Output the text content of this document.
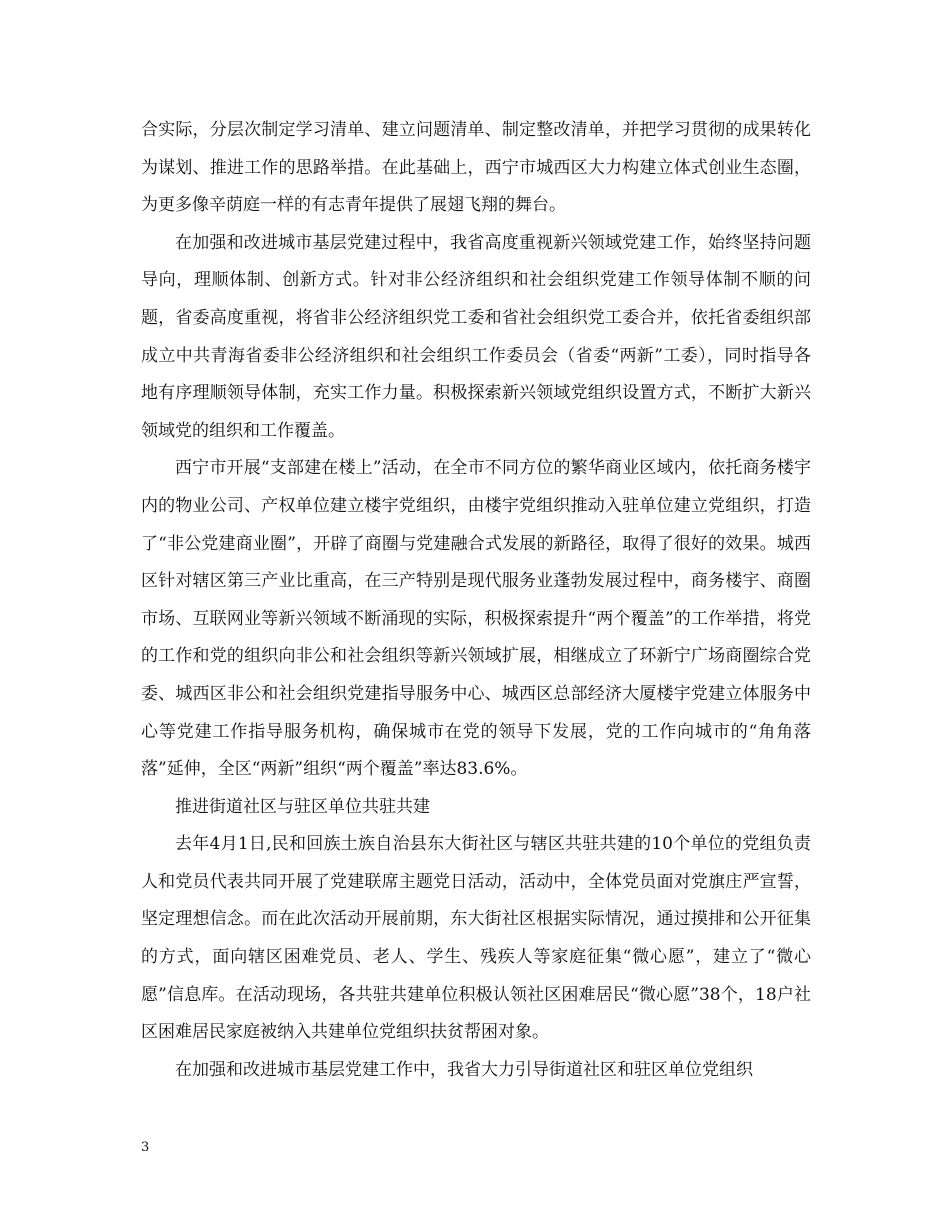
合实际，分层次制定学习清单、建立问题清单、制定整改清单，并把学习贯彻的成果转化为谋划、推进工作的思路举措。在此基础上，西宁市城西区大力构建立体式创业生态圈，为更多像辛荫庭一样的有志青年提供了展翅飞翔的舞台。

在加强和改进城市基层党建过程中，我省高度重视新兴领域党建工作，始终坚持问题导向，理顺体制、创新方式。针对非公经济组织和社会组织党建工作领导体制不顺的问题，省委高度重视，将省非公经济组织党工委和省社会组织党工委合并，依托省委组织部成立中共青海省委非公经济组织和社会组织工作委员会（省委“两新”工委），同时指导各地有序理顺领导体制，充实工作力量。积极探索新兴领域党组织设置方式，不断扩大新兴领域党的组织和工作覆盖。

西宁市开展“支部建在楼上”活动，在全市不同方位的繁华商业区域内，依托商务楼宇内的物业公司、产权单位建立楼宇党组织，由楼宇党组织推动入驻单位建立党组织，打造了“非公党建商业圈”，开辟了商圈与党建融合式发展的新路径，取得了很好的效果。城西区针对辖区第三产业比重高，在三产特别是现代服务业蓬勃发展过程中，商务楼宇、商圈市场、互联网业等新兴领域不断涌现的实际，积极探索提升“两个覆盖”的工作举措，将党的工作和党的组织向非公和社会组织等新兴领域扩展，相继成立了环新宁广场商圈综合党委、城西区非公和社会组织党建指导服务中心、城西区总部经济大厦楼宇党建立体服务中心等党建工作指导服务机构，确保城市在党的领导下发展，党的工作向城市的“角角落落”延伸，全区“两新”组织“两个覆盖”率达83.6%。

推进街道社区与驻区单位共驻共建

去年4月1日,民和回族土族自治县东大街社区与辖区共驻共建的10个单位的党组负责人和党员代表共同开展了党建联席主题党日活动，活动中，全体党员面对党旗庄严宣誓，坚定理想信念。而在此次活动开展前期，东大街社区根据实际情况，通过摸排和公开征集的方式，面向辖区困难党员、老人、学生、残疾人等家庭征集“微心愿”，建立了“微心愿”信息库。在活动现场，各共驻共建单位积极认领社区困难居民“微心愿”38个，18户社区困难居民家庭被纳入共建单位党组织扶贫帮困对象。

在加强和改进城市基层党建工作中，我省大力引导街道社区和驻区单位党组织

3
